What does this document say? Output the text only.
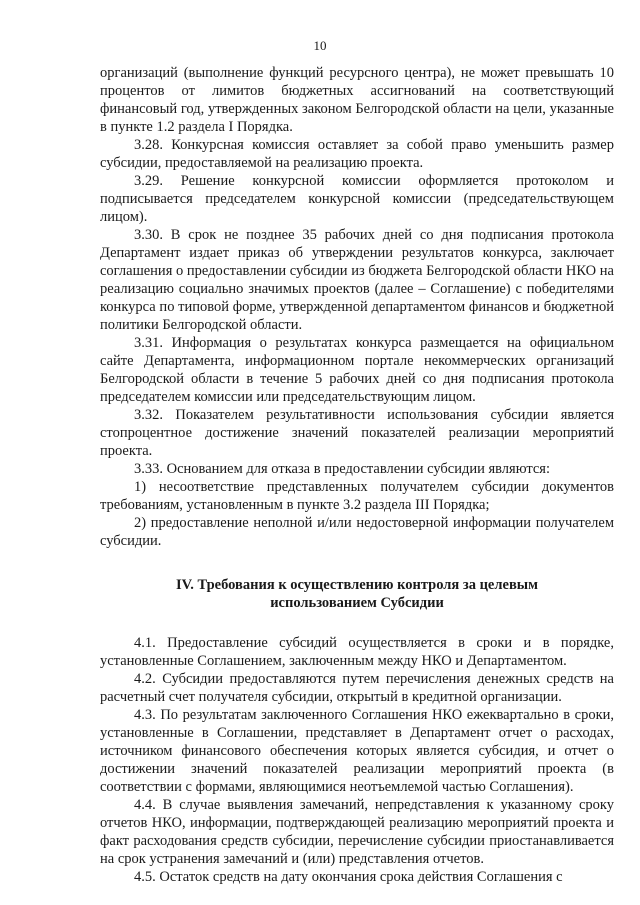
10

организаций (выполнение функций ресурсного центра), не может превышать 10 процентов от лимитов бюджетных ассигнований на соответствующий финансовый год, утвержденных законом Белгородской области на цели, указанные в пункте 1.2 раздела I Порядка.

3.28. Конкурсная комиссия оставляет за собой право уменьшить размер субсидии, предоставляемой на реализацию проекта.

3.29. Решение конкурсной комиссии оформляется протоколом и подписывается председателем конкурсной комиссии (председательствующем лицом).

3.30. В срок не позднее 35 рабочих дней со дня подписания протокола Департамент издает приказ об утверждении результатов конкурса, заключает соглашения о предоставлении субсидии из бюджета Белгородской области НКО на реализацию социально значимых проектов (далее – Соглашение) с победителями конкурса по типовой форме, утвержденной департаментом финансов и бюджетной политики Белгородской области.

3.31. Информация о результатах конкурса размещается на официальном сайте Департамента, информационном портале некоммерческих организаций Белгородской области в течение 5 рабочих дней со дня подписания протокола председателем комиссии или председательствующим лицом.

3.32. Показателем результативности использования субсидии является стопроцентное достижение значений показателей реализации мероприятий проекта.

3.33. Основанием для отказа в предоставлении субсидии являются:

1) несоответствие представленных получателем субсидии документов требованиям, установленным в пункте 3.2 раздела III Порядка;

2) предоставление неполной и/или недостоверной информации получателем субсидии.

IV. Требования к осуществлению контроля за целевым
использованием Субсидии

4.1. Предоставление субсидий осуществляется в сроки и в порядке, установленные Соглашением, заключенным между НКО и Департаментом.

4.2. Субсидии предоставляются путем перечисления денежных средств на расчетный счет получателя субсидии, открытый в кредитной организации.

4.3. По результатам заключенного Соглашения НКО ежеквартально в сроки, установленные в Соглашении, представляет в Департамент отчет о расходах, источником финансового обеспечения которых является субсидия, и отчет о достижении значений показателей реализации мероприятий проекта (в соответствии с формами, являющимися неотъемлемой частью Соглашения).

4.4. В случае выявления замечаний, непредставления к указанному сроку отчетов НКО, информации, подтверждающей реализацию мероприятий проекта и факт расходования средств субсидии, перечисление субсидии приостанавливается на срок устранения замечаний и (или) представления отчетов.

4.5. Остаток средств на дату окончания срока действия Соглашения с
